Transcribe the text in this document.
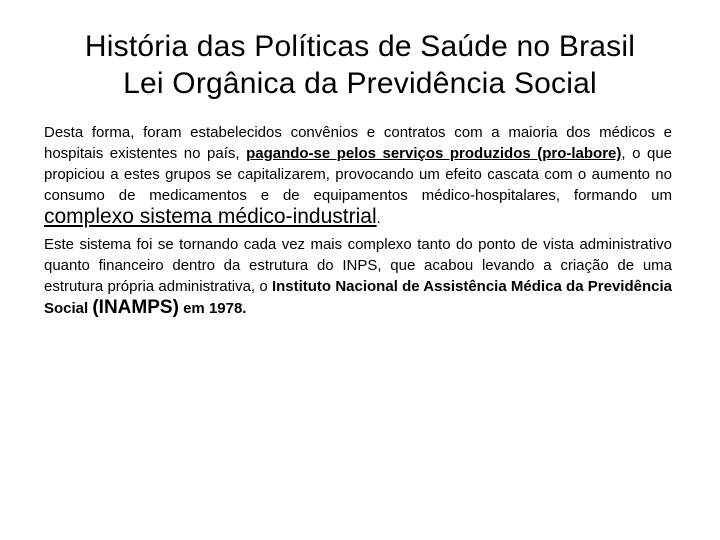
História das Políticas de Saúde no Brasil
Lei Orgânica da Previdência Social

Desta forma, foram estabelecidos convênios e contratos com a maioria dos médicos e hospitais existentes no país, pagando-se pelos serviços produzidos (pro-labore), o que propiciou a estes grupos se capitalizarem, provocando um efeito cascata com o aumento no consumo de medicamentos e de equipamentos médico-hospitalares, formando um complexo sistema médico-industrial.

Este sistema foi se tornando cada vez mais complexo tanto do ponto de vista administrativo quanto financeiro dentro da estrutura do INPS, que acabou levando a criação de uma estrutura própria administrativa, o Instituto Nacional de Assistência Médica da Previdência Social (INAMPS) em 1978.
